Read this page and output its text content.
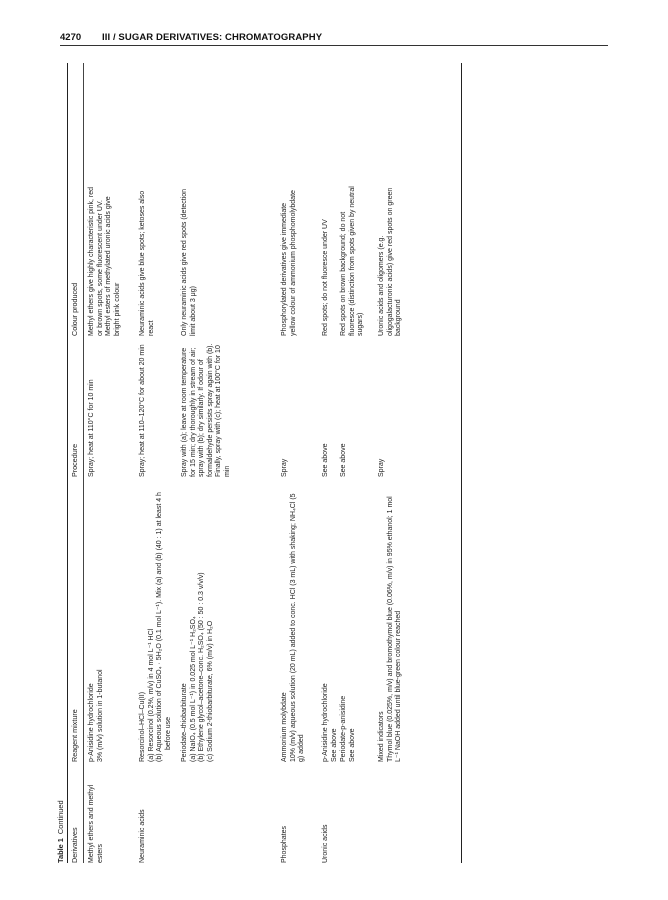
4270 III / SUGAR DERIVATIVES: CHROMATOGRAPHY
Table 1Continued
Derivatives
Reagent mixture
Procedure
Colour produced
Methyl ethers and methyl esters
p-Anisidine hydrochloride 3% (m/v) solution in 1-butanol
Spray; heat at 110°C for 10 min
Methyl ethers give highly characteristic pink, red or brown spots, some fluorescent under UV. Methyl esters of methylated uronic acids give bright pink colour
Neuraminic acids
Resorcinol–HCl–Cu(II) (a) Resorcinol (0.2%, m/v) in 4 mol L⁻¹ HCl (b) Aqueous solution of CuSO₄ · 5H₂O (0.1 mol L⁻¹). Mix (a) and (b) (40 : 1) at least 4 h before use
Spray; heat at 110–120°C for about 20 min
Neuraminic acids give blue spots; ketoses also react
Periodate–thiobarbiturate (a) NaIO₄ (0.5 mol L⁻¹) in 0.025 mol L⁻¹ H₂SO₄ (b) Ethylene glycol–acetone–conc. H₂SO₄ (50 : 50 : 0.3 v/v/v) (c) Sodium 2-thiobarbiturate, 6% (m/v) in H₂O
Spray with (a); leave at room temperature for 15 min; dry thoroughly in stream of air; spray with (b); dry similarly. If odour of formaldehyde persists spray again with (b). Finally, spray with (c); heat at 100°C for 10 min
Only neuraminic acids give red spots (detection limit about 3 μg)
Phosphates
Ammonium molybdate 10% (m/v) aqueous solution (20 mL) added to conc. HCl (3 mL) with shaking; NH₄Cl (5 g) added
Spray
Phosphorylated derivatives give immediate yellow colour of ammonium phosphomolybdate
Uronic acids
p-Anisidine hydrochloride See above
See above
Red spots; do not fluoresce under UV
Periodate-p-anisidine See above
See above
Red spots on brown background; do not fluoresce (distinction from spots given by neutral sugars)
Mixed indicators Thymol blue (0.025%, m/v) and bromothymol blue (0.06%, m/v) in 95% ethanol; 1 mol L⁻¹ NaOH added until blue-green colour reached
Spray
Uronic acids and oligomers (e.g. oligogalacturonic acids) give red spots on green background
